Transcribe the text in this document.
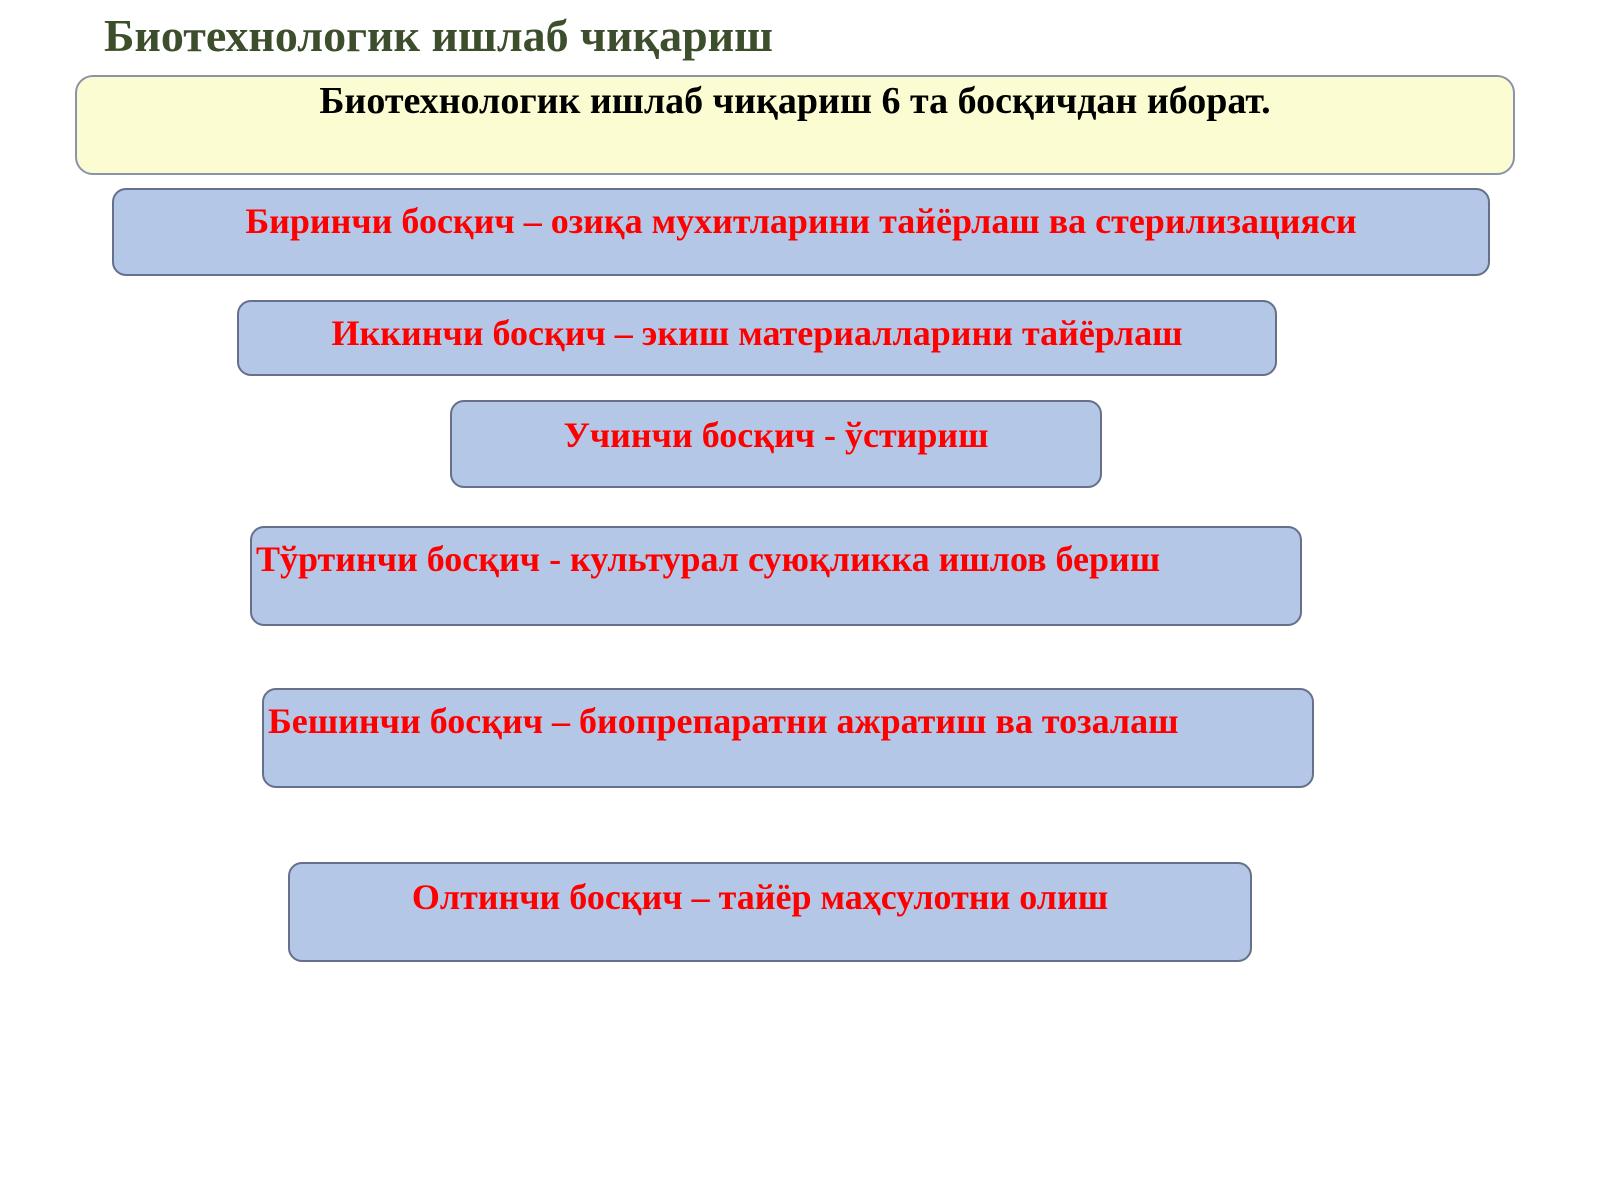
Биотехнологик ишлаб чиқариш
Биотехнологик ишлаб чиқариш 6 та босқичдан иборат.
Биринчи босқич – озиқа мухитларини тайёрлаш ва стерилизацияси
Иккинчи босқич – экиш материалларини тайёрлаш
Учинчи босқич - ўстириш
Тўртинчи босқич - культурал суюқликка ишлов бериш
Бешинчи босқич – биопрепаратни ажратиш ва тозалаш
Олтинчи босқич – тайёр маҳсулотни олиш
